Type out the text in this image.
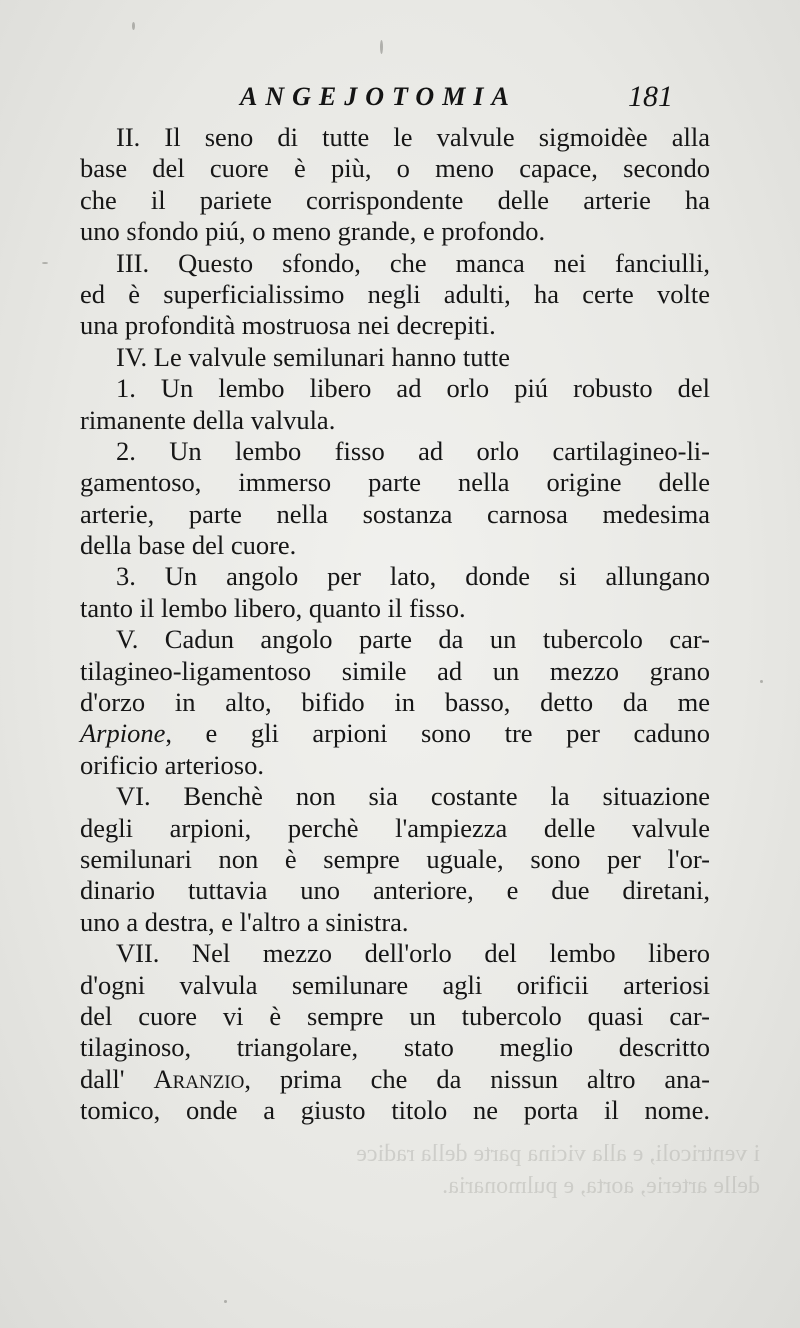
ANGEJOTOMIA	181
II. Il seno di tutte le valvule sigmoidèe alla
base del cuore è più, o meno capace, secondo
che il pariete corrispondente delle arterie ha
uno sfondo piú, o meno grande, e profondo.
III. Questo sfondo, che manca nei fanciulli,
ed è superficialissimo negli adulti, ha certe volte
una profondità mostruosa nei decrepiti.
IV. Le valvule semilunari hanno tutte
1. Un lembo libero ad orlo piú robusto del
rimanente della valvula.
2. Un lembo fisso ad orlo cartilagineo-li-
gamentoso, immerso parte nella origine delle
arterie, parte nella sostanza carnosa medesima
della base del cuore.
3. Un angolo per lato, donde si allungano
tanto il lembo libero, quanto il fisso.
V. Cadun angolo parte da un tubercolo car-
tilagineo-ligamentoso simile ad un mezzo grano
d'orzo in alto, bifido in basso, detto da me
Arpione, e gli arpioni sono tre per caduno
orificio arterioso.
VI. Benchè non sia costante la situazione
degli arpioni, perchè l'ampiezza delle valvule
semilunari non è sempre uguale, sono per l'or-
dinario tuttavia uno anteriore, e due diretani,
uno a destra, e l'altro a sinistra.
VII. Nel mezzo dell'orlo del lembo libero
d'ogni valvula semilunare agli orificii arteriosi
del cuore vi è sempre un tubercolo quasi car-
tilaginoso, triangolare, stato meglio descritto
dall' Aranzio, prima che da nissun altro ana-
tomico, onde a giusto titolo ne porta il nome.
i ventricoli, e alla vicina parte della radice
delle arterie, aorta, e pulmonaria.
